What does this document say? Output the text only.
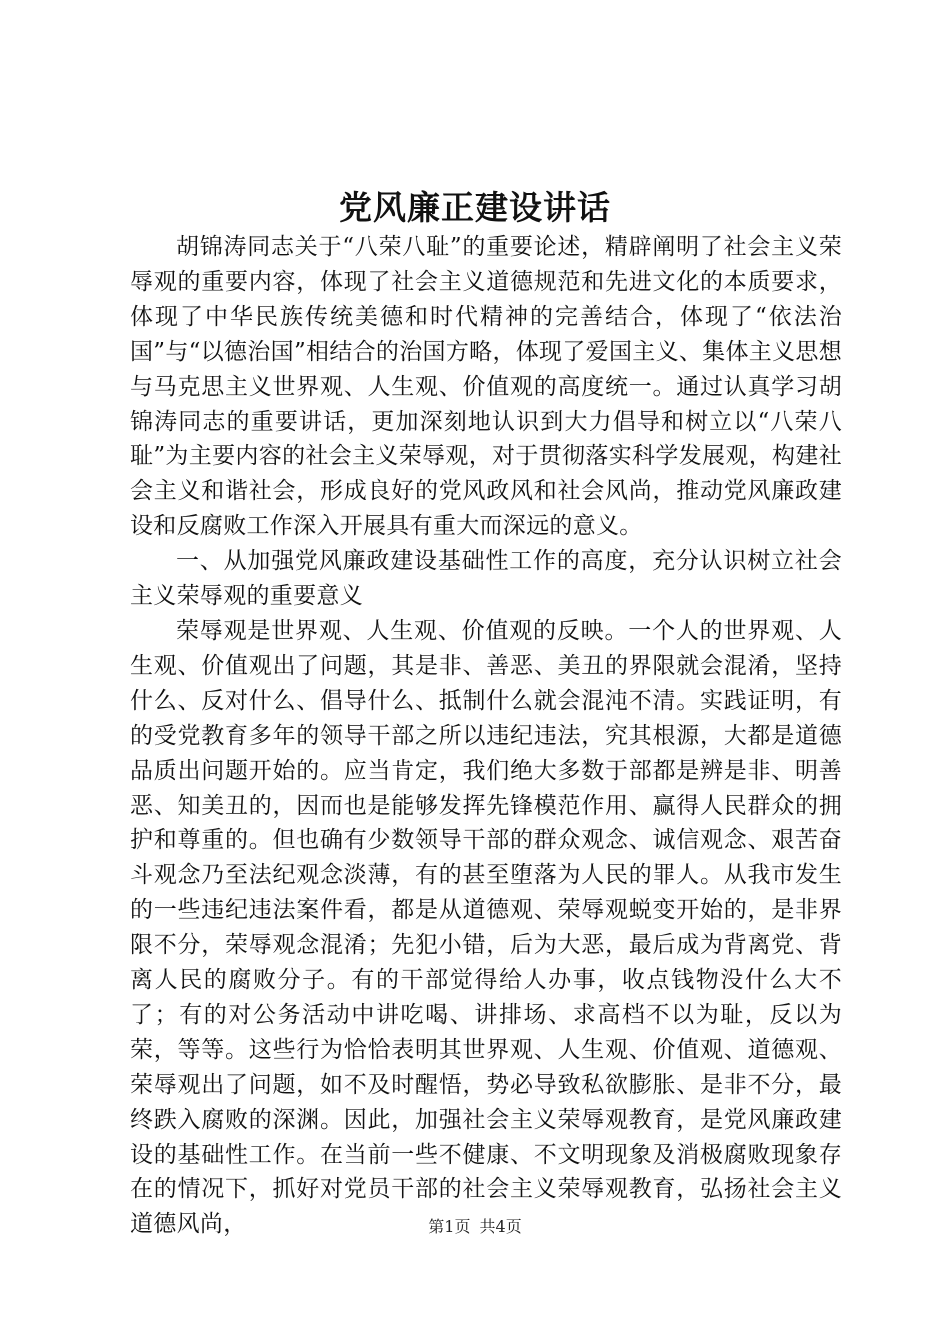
党风廉正建设讲话

胡锦涛同志关于“八荣八耻”的重要论述，精辟阐明了社会主义荣辱观的重要内容，体现了社会主义道德规范和先进文化的本质要求，体现了中华民族传统美德和时代精神的完善结合，体现了“依法治国”与“以德治国”相结合的治国方略，体现了爱国主义、集体主义思想与马克思主义世界观、人生观、价值观的高度统一。通过认真学习胡锦涛同志的重要讲话，更加深刻地认识到大力倡导和树立以“八荣八耻”为主要内容的社会主义荣辱观，对于贯彻落实科学发展观，构建社会主义和谐社会，形成良好的党风政风和社会风尚，推动党风廉政建设和反腐败工作深入开展具有重大而深远的意义。

一、从加强党风廉政建设基础性工作的高度，充分认识树立社会主义荣辱观的重要意义

荣辱观是世界观、人生观、价值观的反映。一个人的世界观、人生观、价值观出了问题，其是非、善恶、美丑的界限就会混淆，坚持什么、反对什么、倡导什么、抵制什么就会混沌不清。实践证明，有的受党教育多年的领导干部之所以违纪违法，究其根源，大都是道德品质出问题开始的。应当肯定，我们绝大多数于部都是辨是非、明善恶、知美丑的，因而也是能够发挥先锋模范作用、赢得人民群众的拥护和尊重的。但也确有少数领导干部的群众观念、诚信观念、艰苦奋斗观念乃至法纪观念淡薄，有的甚至堕落为人民的罪人。从我市发生的一些违纪违法案件看，都是从道德观、荣辱观蜕变开始的，是非界限不分，荣辱观念混淆；先犯小错，后为大恶，最后成为背离党、背离人民的腐败分子。有的干部觉得给人办事，收点钱物没什么大不了；有的对公务活动中讲吃喝、讲排场、求高档不以为耻，反以为荣，等等。这些行为恰恰表明其世界观、人生观、价值观、道德观、荣辱观出了问题，如不及时醒悟，势必导致私欲膨胀、是非不分，最终跌入腐败的深渊。因此，加强社会主义荣辱观教育，是党风廉政建设的基础性工作。在当前一些不健康、不文明现象及消极腐败现象存在的情况下，抓好对党员干部的社会主义荣辱观教育，弘扬社会主义道德风尚，	第1页 共4页
